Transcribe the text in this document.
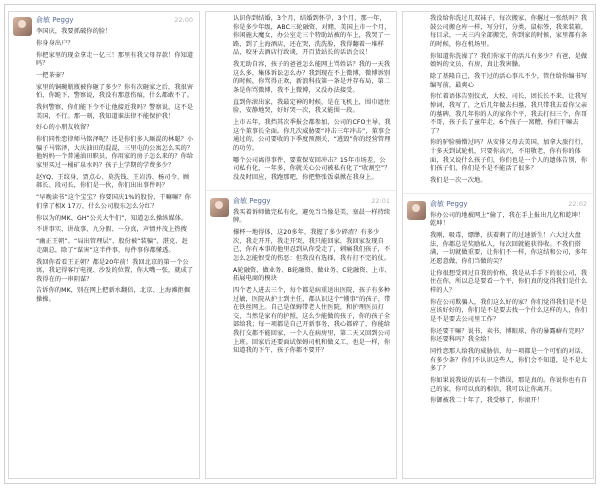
俞敏 Peggy	22:00

李国庆，我要抓破你的脸！

你身身出户？

你把家里的现金拿走一亿三！那里有我父母存款！你知道吗？

一把茶壶？

家里的铜碗瓶瓶被你砸了多少？你有次砸家之后，我很害怕，你跪下，警察说，我没有那意伤痕，什么都敢不了。

我何警察，你们能下令不让他接近我吗？警察说，这不是美国，不行。那一刻，我知道谁法律不能保护我！

好心的小朋友收留？

你们同性恋律师马铭泽呢？还是你们多人厮混的林聪？小骗子马铭泽，大庆油田的混混，三里屯的公寓怎么买的？他妈妈一个普通油田职员，你用家的房子怎么来的？你给家里买过一桶矿泉水吗？孩子上学期的学费多少？

赵YQ、王纹身、贾点心、莫洗钱、王岩涛、杨司令、顾郝长、段司长，你们是一伙，你们出出事件吗？

“早晚读书”这个宝宝？你要国庆1%的股份，干嘛嘛？你们拿了相X 17万，什么公司股东怎么分红？

你以为的MK、GH“公关大牛们”，知道怎么操纵媒体。

不讲事实、讲故事、九分假、一分真，声情并茂上热搜

“幽正王朝”、“局出管理层”、股份被“装骗”、湛克、赶走副总，除了“谋害”这半件事，每件事你都懂透。

我回你看看王正朝？都是20年前！我回北京的第一个公寓，我记得客厅电视、沙发的位置，你大嘴一张，就成了我得在的一串阴谋？

告诉你的MK，别在网上把新水翻倍，北京、上海滩拒掘操操。

认识你到结婚，3个月，结婚到怀孕，3个月，那一年，你是多少年级，ABC三轮融资，对赌，美国上市一个月，你闲施大魔女，办公室走三个特助站被的车上，我哭了一路，到了上海酒店，还在哭，洗洗脸，我得翻着一堆样品，咬牙去酒店行政谈，开百货站长的话语会议！

我无助自容，孩子的爸爸怎么能网上骂姓话？我的一天我这么多，集体诉讼怎么办？我到现在不上微博，微博诉别的时候，你骂得正欢，新浪科技第一条是并存布局，第二条是你骂微博，我不上微博，又没办法接受。

直到你滚出家，我最定神的时候，是在飞机上，围巾遮住脸，安静地哭，好好哭一次，我又能围一段。

上市五年，我挡其次季报会都参加，公司的CFO主导，我这个董事长全面。你几次威胁要“冲击三年冲击”，董事会通过的，公司要收的下季度预测关，“逃毁”你的经营管理的功劳。

哪个公司离得事件，要董保安回冲击？15年市场差，公司私有化，一年多，你就关心公司被私有化了“收割空”？没及时回应，我跑那吧，你把整张饭桌掀在我身上。

俞敏 Peggy	22:01

我买着诉师做完私有化，避免当当像是美，塞晨一样持续牌。

撑杯一地得体，这20多年，我握了多少碎渣？有多少次，我走开开，我走开哭，我只能回家，我回家发现自己，你有本事的他里忍到从你受走了，刺痛我们孩子，不怎么怎能恨受的伤恶：但我没有选择，我有打不完的仗。

A轮融资、做业务、B轮融资、做业务、C轮融资、上市、拓展电商的模块

四个老人进去三个，每个都是病重送出医院，孩子有多种过敏，医院从护士到主任，都认识这个“懂事”的孩子，带在铁丝网上。自己是保姆带老人住医院，和护理医员打交，当然是家有的护照，这么少能做的孩子，你的孩子全部给我；每一项都是自己开新事务，我心都碎了，你能给我打交都不能回家，一个人在病房里，第二天又回到公司上班。回家后还要面试保姆司机和做义工，也是一样，你知道我的下午，孩子你都不要开？

我没给你洗过几双袜子，每次搬家，你撂过一张纸吗？我鼓公司搬仓库一样，写分钉，分类，鼠标签，我来装箱，每目录，一天三内全部搬完，你到家的时候，家里都有条的时候，你在机场里。

你知道你洗澡了？我们你家干的活儿有多少？有爸，是做娘妈的文员，有房，真让我害臊。

除了基隆自己，我干过的活心事儿不少，管住给你编书写编写前，最爽心

你忙着语体告别仪式，大校、司长、团长长不来，让我写悼词，我写了，之后几年做去扫墓，我只带我去看你父亲的墓碑，我几年你的人的家你个平，我去打扫三个，你哥不哥，孩子长了童年走，6个孩子一窝糟，你们干嘛去了？

你的驴脸骑懵过吗？从安排父母去美国，加拿大旅行行，十多天到试轮机，只要你高兴，不用敬老，你有你的体面，我又说什么孩子们，你们也是一个人的遗体告别，你们孩子们，你们是不是不能活了很多？

我们是一次一次地。

俞敏 Peggy	22:02

你办公司的地被网上“偷了，我在手上报出几亿和乾坤！乾坤！

我刚，吸毒，缥缈，扶着剩了的过速新生！六大过大盘法，你都总是奖励私人，每次回就能获得收。不我们搭满，一切就做重要，让你们不一样，你这结和公司，多年还愿意做，你们当做的尖？

让你很想受问过自我的价格，我是从手手下的很公司，我住在你，所以总是要看一个平，你们真的觉得我们是什么样的人？

你在公司欺骗人，我们这么好的家？你们觉得我们是不是应该好好的，你们是不是要去找一个什么这样的人，你们是不是要去公司里工作？

你还要干嘛？说书，卖书，博眼球，你的暴露癖有完吗？你还要科吗？我全给！

同性恋那人给我的威胁信，每一项都是一个可怕的对话，有多少条？你们不认识这些人，你们会不知道，是不是太多了？

你如果说我说的话有一个错误，那是真的。你说你也有自己的家，你可以真的相信，我可以让你离开。

你御被我二十年了，我受够了，你滚开！
